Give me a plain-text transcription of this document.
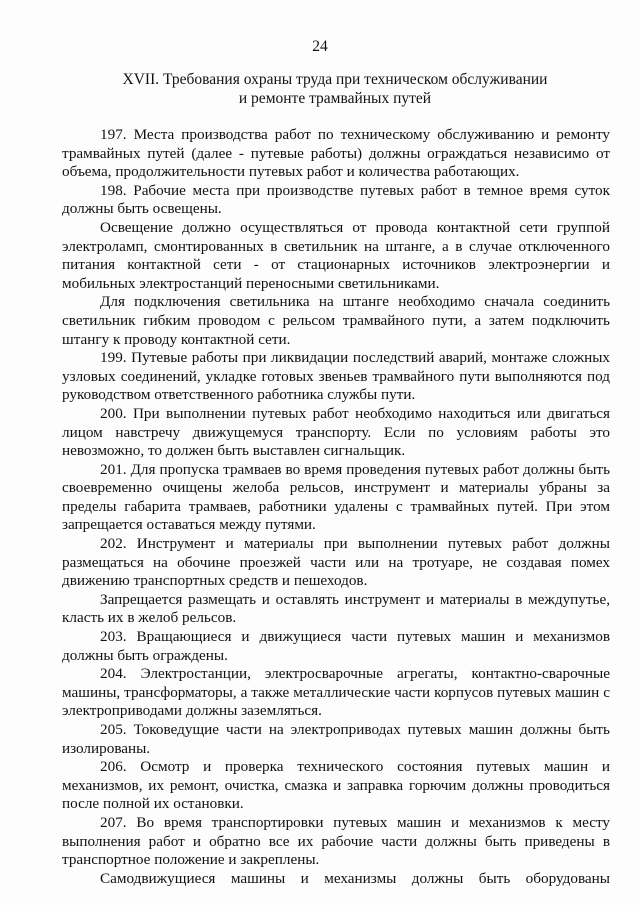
24
XVII. Требования охраны труда при техническом обслуживании
и ремонте трамвайных путей

197. Места производства работ по техническому обслуживанию и ремонту трамвайных путей (далее - путевые работы) должны ограждаться независимо от объема, продолжительности путевых работ и количества работающих.

198. Рабочие места при производстве путевых работ в темное время суток должны быть освещены.

Освещение должно осуществляться от провода контактной сети группой электроламп, смонтированных в светильник на штанге, а в случае отключенного питания контактной сети - от стационарных источников электроэнергии и мобильных электростанций переносными светильниками.

Для подключения светильника на штанге необходимо сначала соединить светильник гибким проводом с рельсом трамвайного пути, а затем подключить штангу к проводу контактной сети.

199. Путевые работы при ликвидации последствий аварий, монтаже сложных узловых соединений, укладке готовых звеньев трамвайного пути выполняются под руководством ответственного работника службы пути.

200. При выполнении путевых работ необходимо находиться или двигаться лицом навстречу движущемуся транспорту. Если по условиям работы это невозможно, то должен быть выставлен сигнальщик.

201. Для пропуска трамваев во время проведения путевых работ должны быть своевременно очищены желоба рельсов, инструмент и материалы убраны за пределы габарита трамваев, работники удалены с трамвайных путей. При этом запрещается оставаться между путями.

202. Инструмент и материалы при выполнении путевых работ должны размещаться на обочине проезжей части или на тротуаре, не создавая помех движению транспортных средств и пешеходов.

Запрещается размещать и оставлять инструмент и материалы в междупутье, класть их в желоб рельсов.

203. Вращающиеся и движущиеся части путевых машин и механизмов должны быть ограждены.

204. Электростанции, электросварочные агрегаты, контактно-сварочные машины, трансформаторы, а также металлические части корпусов путевых машин с электроприводами должны заземляться.

205. Токоведущие части на электроприводах путевых машин должны быть изолированы.

206. Осмотр и проверка технического состояния путевых машин и механизмов, их ремонт, очистка, смазка и заправка горючим должны проводиться после полной их остановки.

207. Во время транспортировки путевых машин и механизмов к месту выполнения работ и обратно все их рабочие части должны быть приведены в транспортное положение и закреплены.

Самодвижущиеся машины и механизмы должны быть оборудованы
